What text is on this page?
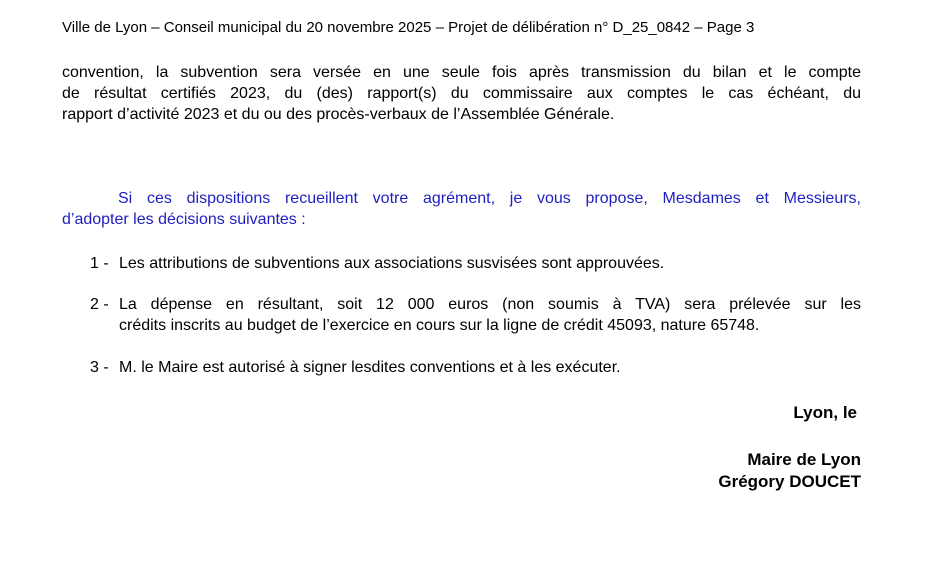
Ville de Lyon – Conseil municipal du 20 novembre 2025 – Projet de délibération n° D_25_0842 – Page 3
convention, la subvention sera versée en une seule fois après transmission du bilan et le compte
de résultat certifiés 2023, du (des) rapport(s) du commissaire aux comptes le cas échéant, du
rapport d’activité 2023 et du ou des procès-verbaux de l’Assemblée Générale.
Si ces dispositions recueillent votre agrément, je vous propose, Mesdames et Messieurs,
d’adopter les décisions suivantes :
1 - Les attributions de subventions aux associations susvisées sont approuvées.
2 - La dépense en résultant, soit 12 000 euros (non soumis à TVA) sera prélevée sur les
crédits inscrits au budget de l’exercice en cours sur la ligne de crédit 45093, nature 65748.
3 - M. le Maire est autorisé à signer lesdites conventions et à les exécuter.
Lyon, le
Maire de Lyon
Grégory DOUCET
